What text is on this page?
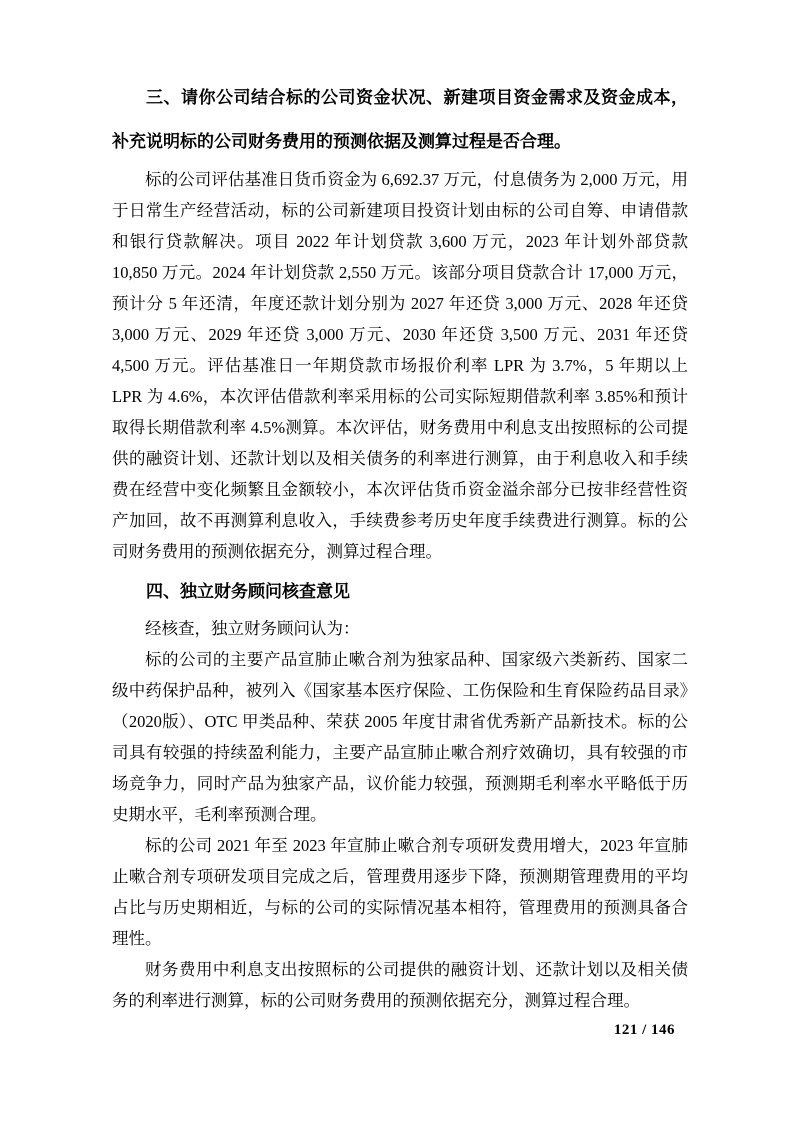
三、请你公司结合标的公司资金状况、新建项目资金需求及资金成本，补充说明标的公司财务费用的预测依据及测算过程是否合理。

标的公司评估基准日货币资金为 6,692.37 万元，付息债务为 2,000 万元，用于日常生产经营活动，标的公司新建项目投资计划由标的公司自筹、申请借款和银行贷款解决。项目 2022 年计划贷款 3,600 万元，2023 年计划外部贷款 10,850 万元。2024 年计划贷款 2,550 万元。该部分项目贷款合计 17,000 万元，预计分 5 年还清，年度还款计划分别为 2027 年还贷 3,000 万元、2028 年还贷 3,000 万元、2029 年还贷 3,000 万元、2030 年还贷 3,500 万元、2031 年还贷 4,500 万元。评估基准日一年期贷款市场报价利率 LPR 为 3.7%，5 年期以上 LPR 为 4.6%，本次评估借款利率采用标的公司实际短期借款利率 3.85%和预计取得长期借款利率 4.5%测算。本次评估，财务费用中利息支出按照标的公司提供的融资计划、还款计划以及相关债务的利率进行测算，由于利息收入和手续费在经营中变化频繁且金额较小，本次评估货币资金溢余部分已按非经营性资产加回，故不再测算利息收入，手续费参考历史年度手续费进行测算。标的公司财务费用的预测依据充分，测算过程合理。

四、独立财务顾问核查意见

经核查，独立财务顾问认为：

标的公司的主要产品宣肺止嗽合剂为独家品种、国家级六类新药、国家二级中药保护品种，被列入《国家基本医疗保险、工伤保险和生育保险药品目录》（2020版）、OTC 甲类品种、荣获 2005 年度甘肃省优秀新产品新技术。标的公司具有较强的持续盈利能力，主要产品宣肺止嗽合剂疗效确切，具有较强的市场竞争力，同时产品为独家产品，议价能力较强，预测期毛利率水平略低于历史期水平，毛利率预测合理。

标的公司 2021 年至 2023 年宣肺止嗽合剂专项研发费用增大，2023 年宣肺止嗽合剂专项研发项目完成之后，管理费用逐步下降，预测期管理费用的平均占比与历史期相近，与标的公司的实际情况基本相符，管理费用的预测具备合理性。

财务费用中利息支出按照标的公司提供的融资计划、还款计划以及相关债务的利率进行测算，标的公司财务费用的预测依据充分，测算过程合理。

121 / 146
